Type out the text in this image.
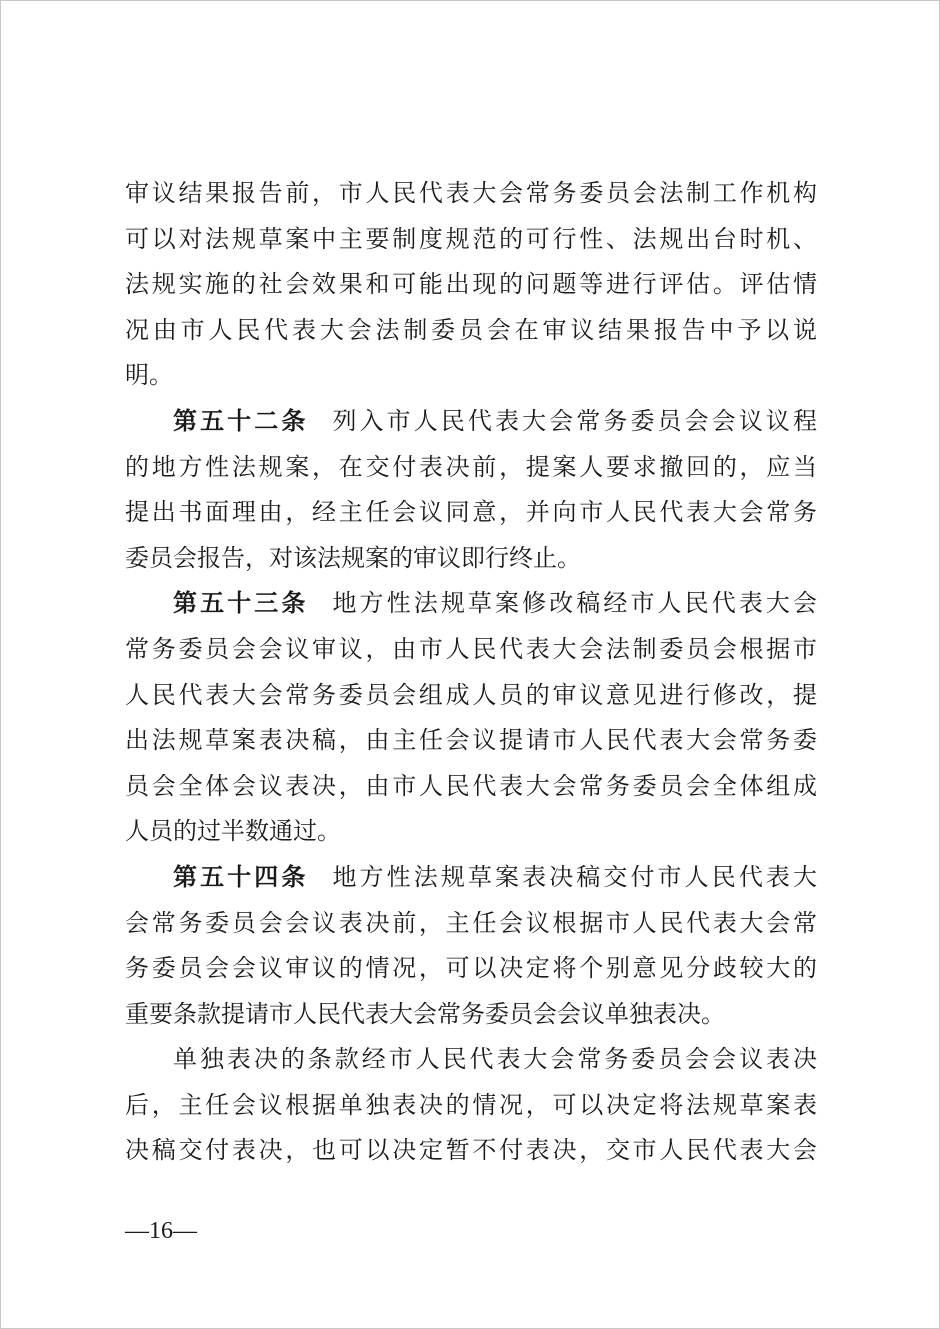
审议结果报告前，市人民代表大会常务委员会法制工作机构
可以对法规草案中主要制度规范的可行性、法规出台时机、
法规实施的社会效果和可能出现的问题等进行评估。评估情
况由市人民代表大会法制委员会在审议结果报告中予以说
明。
第五十二条 列入市人民代表大会常务委员会会议议程
的地方性法规案，在交付表决前，提案人要求撤回的，应当
提出书面理由，经主任会议同意，并向市人民代表大会常务
委员会报告，对该法规案的审议即行终止。
第五十三条 地方性法规草案修改稿经市人民代表大会
常务委员会会议审议，由市人民代表大会法制委员会根据市
人民代表大会常务委员会组成人员的审议意见进行修改，提
出法规草案表决稿，由主任会议提请市人民代表大会常务委
员会全体会议表决，由市人民代表大会常务委员会全体组成
人员的过半数通过。
第五十四条 地方性法规草案表决稿交付市人民代表大
会常务委员会会议表决前，主任会议根据市人民代表大会常
务委员会会议审议的情况，可以决定将个别意见分歧较大的
重要条款提请市人民代表大会常务委员会会议单独表决。
单独表决的条款经市人民代表大会常务委员会会议表决
后，主任会议根据单独表决的情况，可以决定将法规草案表
决稿交付表决，也可以决定暂不付表决，交市人民代表大会
—16—
